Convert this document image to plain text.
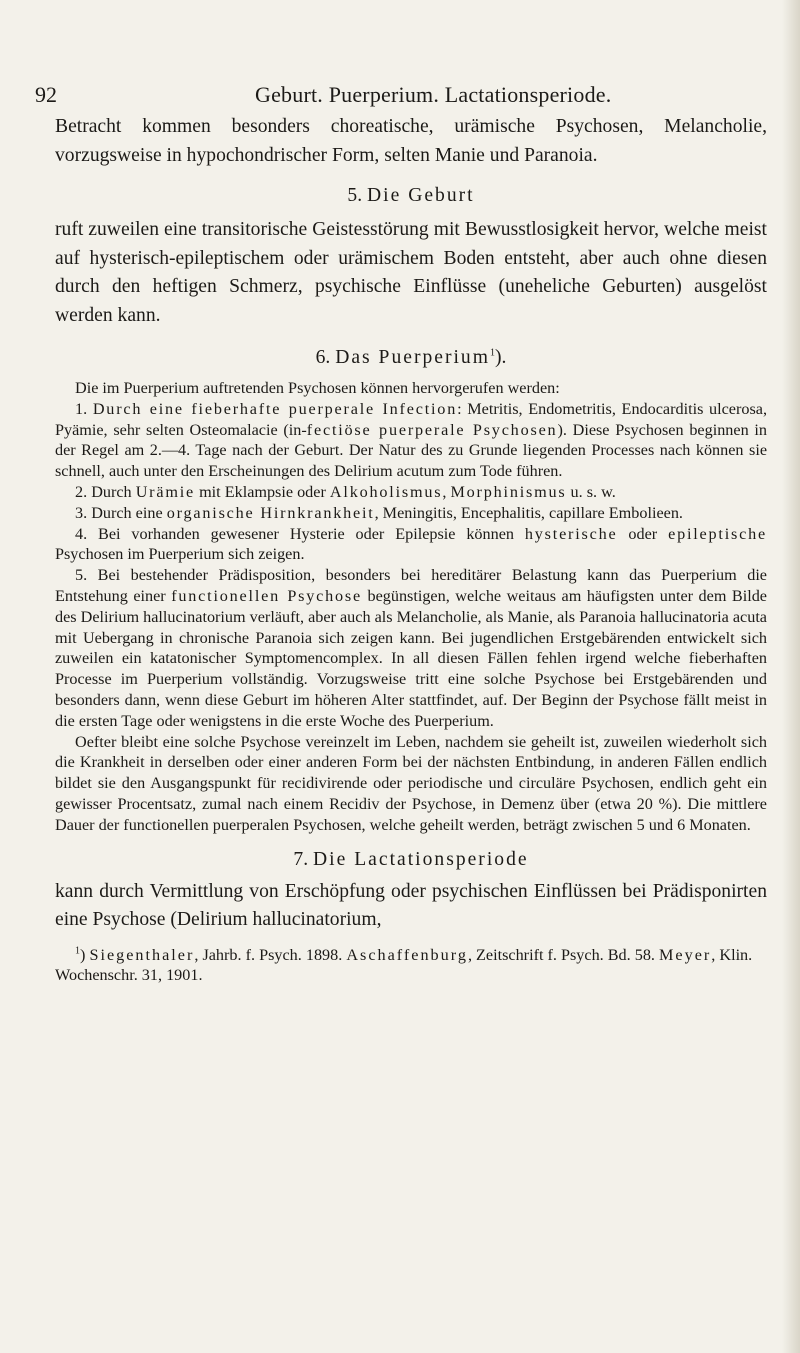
92	Geburt. Puerperium. Lactationsperiode.

Betracht kommen besonders choreatische, urämische Psychosen, Melancholie, vorzugsweise in hypochondrischer Form, selten Manie und Paranoia.

5. Die Geburt

ruft zuweilen eine transitorische Geistesstörung mit Bewusstlosigkeit hervor, welche meist auf hysterisch-epileptischem oder urämischem Boden entsteht, aber auch ohne diesen durch den heftigen Schmerz, psychische Einflüsse (uneheliche Geburten) ausgelöst werden kann.

6. Das Puerperium$^1$).

Die im Puerperium auftretenden Psychosen können hervorgerufen werden:

1. Durch eine fieberhafte puerperale Infection: Metritis, Endometritis, Endocarditis ulcerosa, Pyämie, sehr selten Osteomalacie (in-fectiöse puerperale Psychosen). Diese Psychosen beginnen in der Regel am 2.—4. Tage nach der Geburt. Der Natur des zu Grunde liegenden Processes nach können sie schnell, auch unter den Erscheinungen des Delirium acutum zum Tode führen.

2. Durch Urämie mit Eklampsie oder Alkoholismus, Morphinismus u. s. w.

3. Durch eine organische Hirnkrankheit, Meningitis, Encephalitis, capillare Embolieen.

4. Bei vorhanden gewesener Hysterie oder Epilepsie können hysterische oder epileptische Psychosen im Puerperium sich zeigen.

5. Bei bestehender Prädisposition, besonders bei hereditärer Belastung kann das Puerperium die Entstehung einer functionellen Psychose begünstigen, welche weitaus am häufigsten unter dem Bilde des Delirium hallucinatorium verläuft, aber auch als Melancholie, als Manie, als Paranoia hallucinatoria acuta mit Uebergang in chronische Paranoia sich zeigen kann. Bei jugendlichen Erstgebärenden entwickelt sich zuweilen ein katatonischer Symptomencomplex. In all diesen Fällen fehlen irgend welche fieberhaften Processe im Puerperium vollständig. Vorzugsweise tritt eine solche Psychose bei Erstgebärenden und besonders dann, wenn diese Geburt im höheren Alter stattfindet, auf. Der Beginn der Psychose fällt meist in die ersten Tage oder wenigstens in die erste Woche des Puerperium.

Oefter bleibt eine solche Psychose vereinzelt im Leben, nachdem sie geheilt ist, zuweilen wiederholt sich die Krankheit in derselben oder einer anderen Form bei der nächsten Entbindung, in anderen Fällen endlich bildet sie den Ausgangspunkt für recidivirende oder periodische und circuläre Psychosen, endlich geht ein gewisser Procentsatz, zumal nach einem Recidiv der Psychose, in Demenz über (etwa 20 %). Die mittlere Dauer der functionellen puerperalen Psychosen, welche geheilt werden, beträgt zwischen 5 und 6 Monaten.

7. Die Lactationsperiode

kann durch Vermittlung von Erschöpfung oder psychischen Einflüssen bei Prädisponirten eine Psychose (Delirium hallucinatorium,

$^1$) Siegenthaler, Jahrb. f. Psych. 1898. Aschaffenburg, Zeitschrift f. Psych. Bd. 58. Meyer, Klin. Wochenschr. 31, 1901.
